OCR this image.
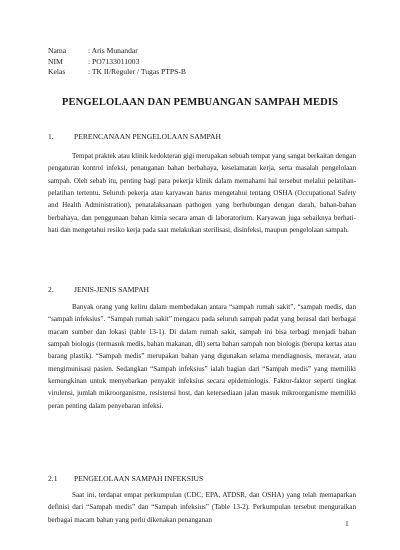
Nama	: Aris Munandar
NIM	: PO7133011003
Kelas	: TK II/Reguler / Tugas PTPS-B
PENGELOLAAN DAN PEMBUANGAN SAMPAH MEDIS
1.	PERENCANAAN PENGELOLAAN SAMPAH

Tempat praktek atau klinik kedokteran gigi merupakan sebuah tempat yang sangat berkaitan dengan pengaturan kontrol infeksi, penanganan bahan berbahaya, keselamatan kerja, serta masalah pengelolaan sampah. Oleh sebab itu, penting bagi para pekerja klinik dalam memahami hal tersebut melalui pelatihan-pelatihan tertentu. Seluruh pekerja atau karyawan harus mengetahui tentang OSHA (Occupational Safety and Health Administration), penatalaksanaan pathogen yang berhubungan dengan darah, bahan-bahan berbahaya, dan penggunaan bahan kimia secara aman di laboratorium. Karyawan juga sebaiknya berhati-hati dan mengetahui resiko kerja pada saat melakukan sterilisasi, disinfeksi, maupun pengelolaan sampah.

2.	JENIS-JENIS SAMPAH

Banyak orang yang keliru dalam membedakan antara “sampah rumah sakit”, “sampah medis, dan “sampah infeksius”. “Sampah rumah sakit” mengacu pada seluruh sampah padat yang berasal dari berbagai macam sumber dan lokasi (table 13-1). Di dalam rumah sakit, sampah ini bisa terbagi menjadi bahan sampah biologis (termasuk medis, bahan makanan, dll) serta bahan sampah non biologis (berupa kertas atau barang plastik). “Sampah medis” merupakan bahan yang digunakan selama mendiagnosis, merawat, atau mengimunisasi pasien. Sedangkan “Sampah infeksius” ialah bagian dari “Sampah medis” yang memiliki kemungkinan untuk menyebarkan penyakit infeksius secara epidemiologis. Faktor-faktor seperti tingkat virulensi, jumlah mikroorganisme, resistensi host, dan ketersediaan jalan masuk mikroorganisme memiliki peran penting dalam penyebaran infeksi.

2.1	PENGELOLAAN SAMPAH INFEKSIUS

Saat ini, terdapat empat perkumpulan (CDC, EPA, ATDSR, dan OSHA) yang telah memaparkan definisi dari “Sampah medis” dan “Sampah infeksius” (Table 13-2). Perkumpulan tersebut menguraikan berbagai macam bahan yang perlu dikenakan penanganan	1
